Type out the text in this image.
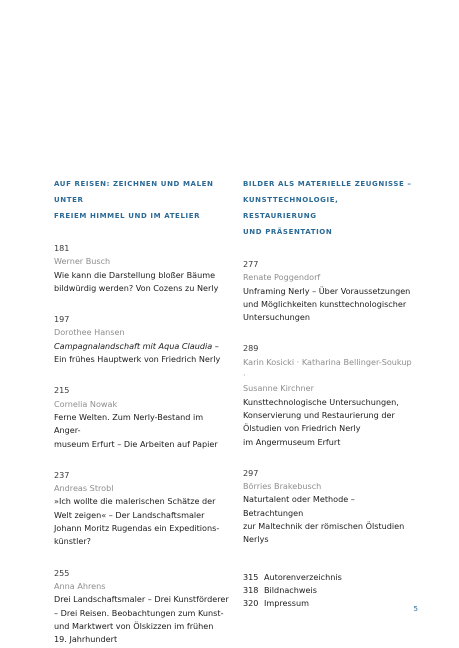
AUF REISEN: ZEICHNEN UND MALEN UNTER
FREIEM HIMMEL UND IM ATELIER
181
Werner Busch
Wie kann die Darstellung bloßer Bäume
bildwürdig werden? Von Cozens zu Nerly
197
Dorothee Hansen
Campagnalandschaft mit Aqua Claudia –
Ein frühes Hauptwerk von Friedrich Nerly
215
Cornelia Nowak
Ferne Welten. Zum Nerly-Bestand im Anger-
museum Erfurt – Die Arbeiten auf Papier
237
Andreas Strobl
»Ich wollte die malerischen Schätze der
Welt zeigen« – Der Landschaftsmaler
Johann Moritz Rugendas ein Expeditions-
künstler?
255
Anna Ahrens
Drei Landschaftsmaler – Drei Kunstförderer
– Drei Reisen. Beobachtungen zum Kunst-
und Marktwert von Ölskizzen im frühen
19. Jahrhundert
BILDER ALS MATERIELLE ZEUGNISSE –
KUNSTTECHNOLOGIE, RESTAURIERUNG
UND PRÄSENTATION
277
Renate Poggendorf
Unframing Nerly – Über Voraussetzungen
und Möglichkeiten kunsttechnologischer
Untersuchungen
289
Karin Kosicki · Katharina Bellinger-Soukup ·
Susanne Kirchner
Kunsttechnologische Untersuchungen,
Konservierung und Restaurierung der
Ölstudien von Friedrich Nerly
im Angermuseum Erfurt
297
Börries Brakebusch
Naturtalent oder Methode – Betrachtungen
zur Maltechnik der römischen Ölstudien
Nerlys
315 Autorenverzeichnis
318 Bildnachweis
320 Impressum
5
